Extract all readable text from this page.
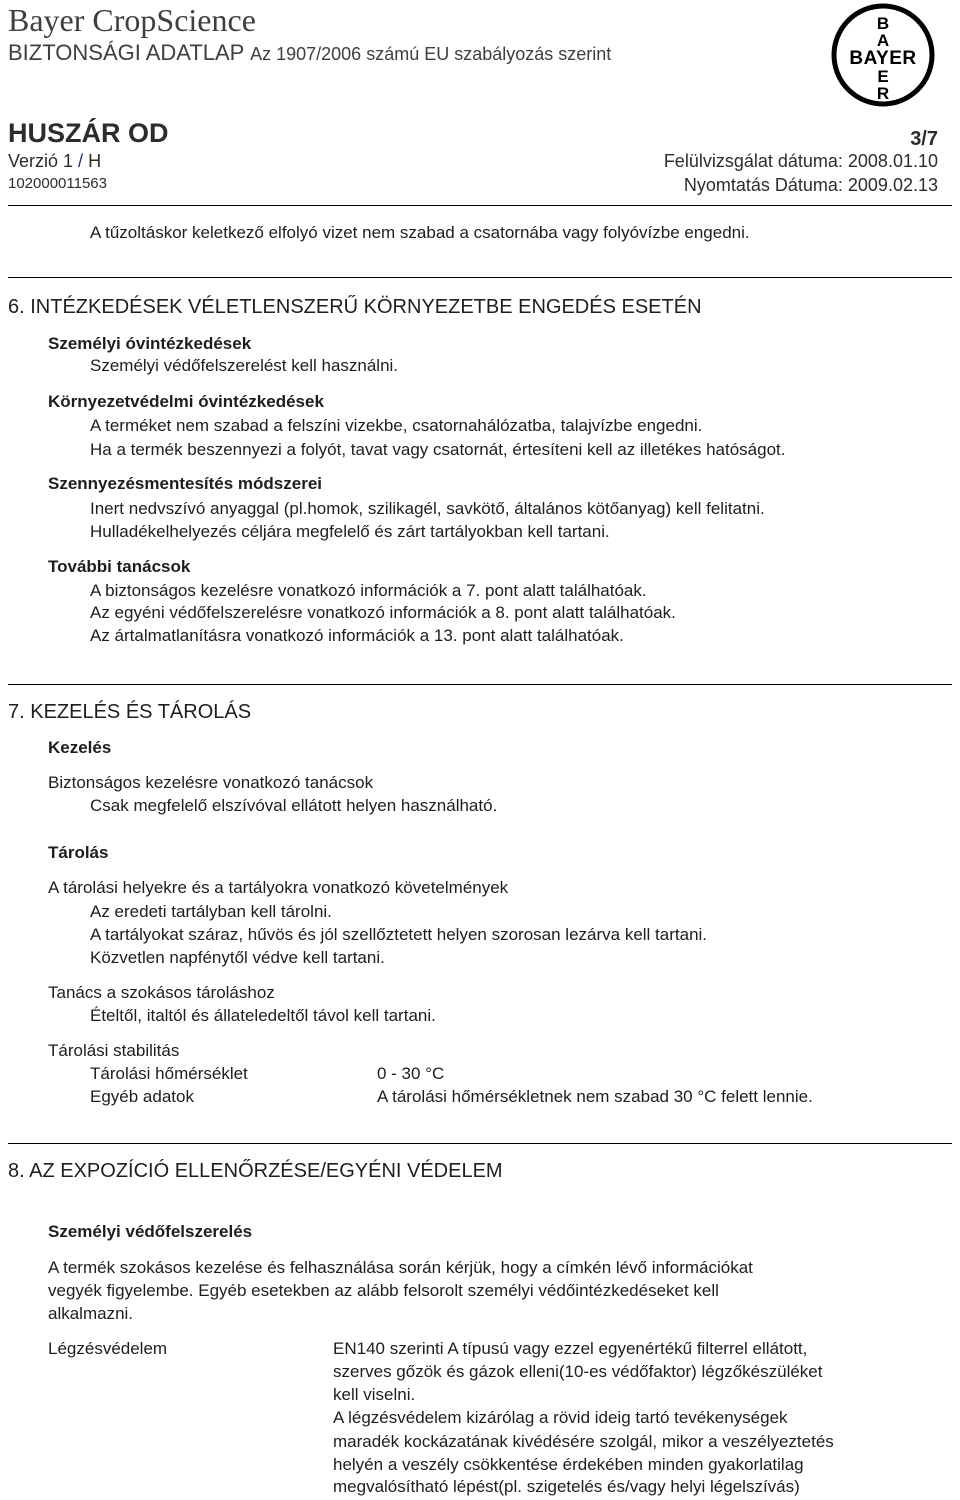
Bayer CropScience
BIZTONSÁGI ADATLAP Az 1907/2006 számú EU szabályozás szerint
B
A
BAYER
E
R
HUSZÁR OD	3/7
Verzió 1 / H	Felülvizsgálat dátuma: 2008.01.10
102000011563	Nyomtatás Dátuma: 2009.02.13
A tűzoltáskor keletkező elfolyó vizet nem szabad a csatornába vagy folyóvízbe engedni.
6. INTÉZKEDÉSEK VÉLETLENSZERŰ KÖRNYEZETBE ENGEDÉS ESETÉN
Személyi óvintézkedések
Személyi védőfelszerelést kell használni.
Környezetvédelmi óvintézkedések
A terméket nem szabad a felszíni vizekbe, csatornahálózatba, talajvízbe engedni.
Ha a termék beszennyezi a folyót, tavat vagy csatornát, értesíteni kell az illetékes hatóságot.
Szennyezésmentesítés módszerei
Inert nedvszívó anyaggal (pl.homok, szilikagél, savkötő, általános kötőanyag) kell felitatni.
Hulladékelhelyezés céljára megfelelő és zárt tartályokban kell tartani.
További tanácsok
A biztonságos kezelésre vonatkozó információk a 7. pont alatt találhatóak.
Az egyéni védőfelszerelésre vonatkozó információk a 8. pont alatt találhatóak.
Az ártalmatlanításra vonatkozó információk a 13. pont alatt találhatóak.
7. KEZELÉS ÉS TÁROLÁS
Kezelés
Biztonságos kezelésre vonatkozó tanácsok
Csak megfelelő elszívóval ellátott helyen használható.
Tárolás
A tárolási helyekre és a tartályokra vonatkozó követelmények
Az eredeti tartályban kell tárolni.
A tartályokat száraz, hűvös és jól szellőztetett helyen szorosan lezárva kell tartani.
Közvetlen napfénytől védve kell tartani.
Tanács a szokásos tároláshoz
Ételtől, italtól és állateledeltől távol kell tartani.
Tárolási stabilitás
Tárolási hőmérséklet	0 - 30 °C
Egyéb adatok	A tárolási hőmérsékletnek nem szabad 30 °C felett lennie.
8. AZ EXPOZÍCIÓ ELLENŐRZÉSE/EGYÉNI VÉDELEM
Személyi védőfelszerelés
A termék szokásos kezelése és felhasználása során kérjük, hogy a címkén lévő információkat
vegyék figyelembe. Egyéb esetekben az alább felsorolt személyi védőintézkedéseket kell
alkalmazni.
Légzésvédelem	EN140 szerinti A típusú vagy ezzel egyenértékű filterrel ellátott,
szerves gőzök és gázok elleni(10-es védőfaktor) légzőkészüléket
kell viselni.
A légzésvédelem kizárólag a rövid ideig tartó tevékenységek
maradék kockázatának kivédésére szolgál, mikor a veszélyeztetés
helyén a veszély csökkentése érdekében minden gyakorlatilag
megvalósítható lépést(pl. szigetelés és/vagy helyi légelszívás)
